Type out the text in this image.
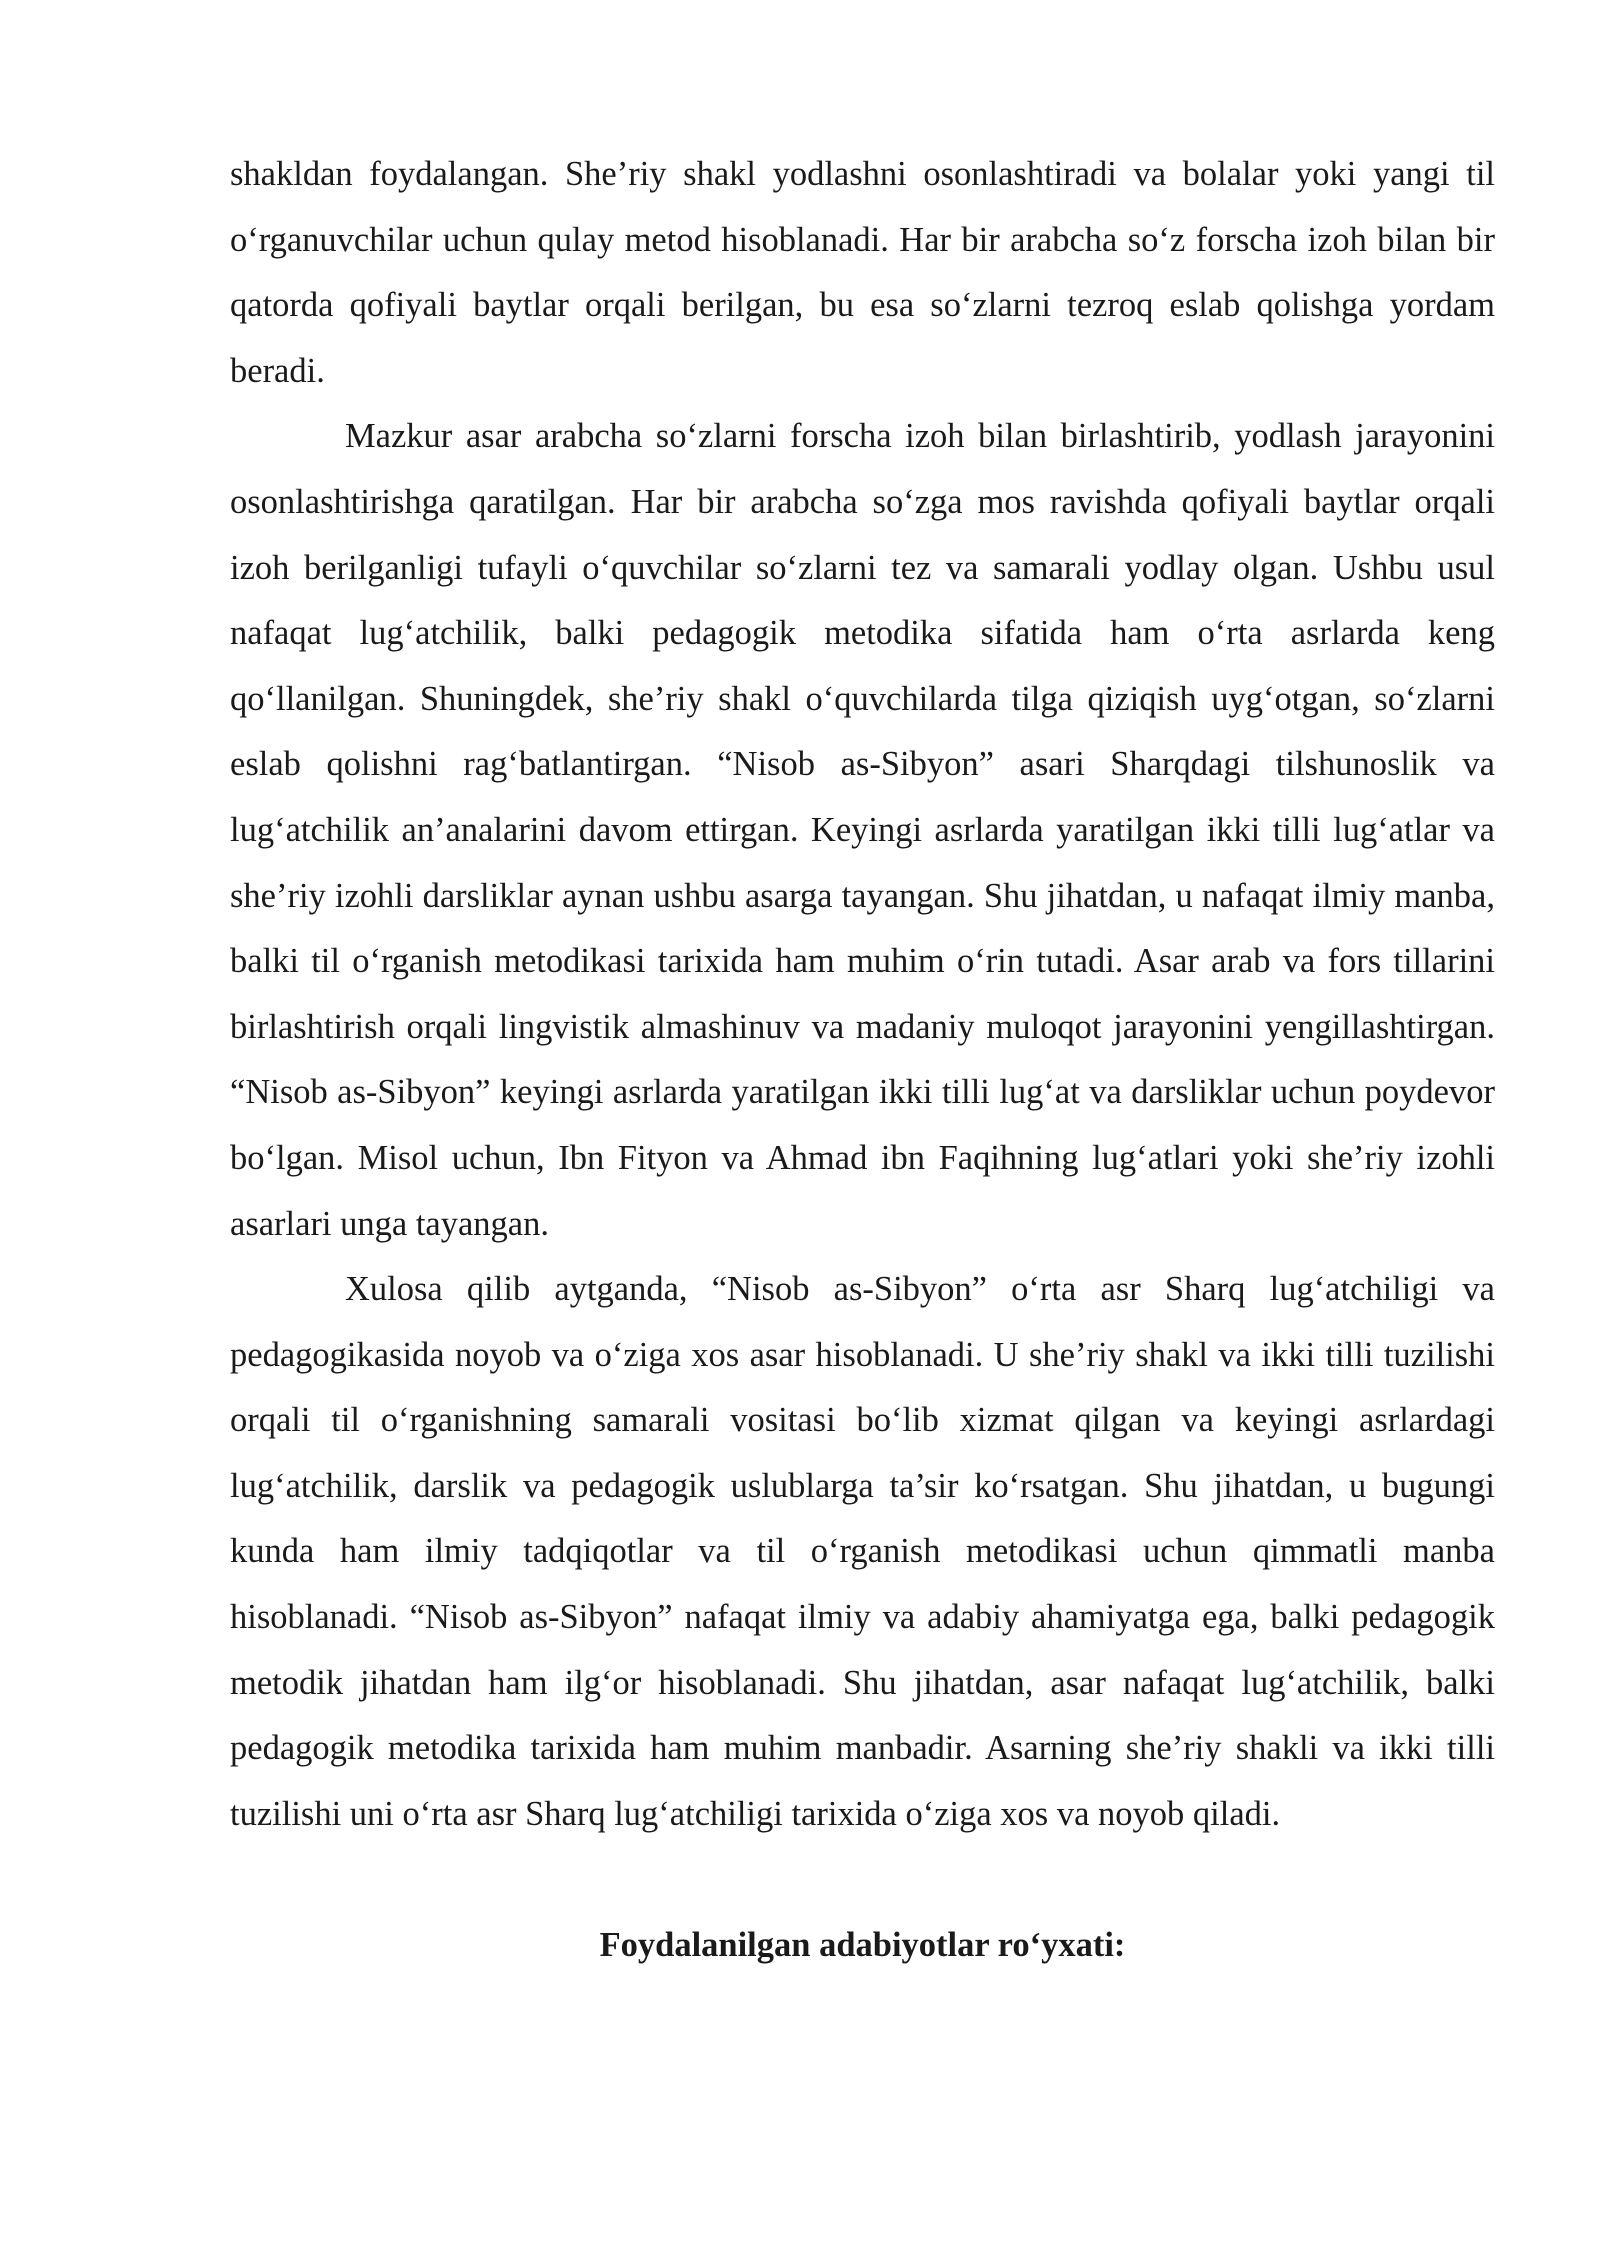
shakldan foydalangan. She’riy shakl yodlashni osonlashtiradi va bolalar yoki yangi til o‘rganuvchilar uchun qulay metod hisoblanadi. Har bir arabcha so‘z forscha izoh bilan bir qatorda qofiyali baytlar orqali berilgan, bu esa so‘zlarni tezroq eslab qolishga yordam beradi.

Mazkur asar arabcha so‘zlarni forscha izoh bilan birlashtirib, yodlash jarayonini osonlashtirishga qaratilgan. Har bir arabcha so‘zga mos ravishda qofiyali baytlar orqali izoh berilganligi tufayli o‘quvchilar so‘zlarni tez va samarali yodlay olgan. Ushbu usul nafaqat lug‘atchilik, balki pedagogik metodika sifatida ham o‘rta asrlarda keng qo‘llanilgan. Shuningdek, she’riy shakl o‘quvchilarda tilga qiziqish uyg‘otgan, so‘zlarni eslab qolishni rag‘batlantirgan. “Nisob as-Sibyon” asari Sharqdagi tilshunoslik va lug‘atchilik an’analarini davom ettirgan. Keyingi asrlarda yaratilgan ikki tilli lug‘atlar va she’riy izohli darsliklar aynan ushbu asarga tayangan. Shu jihatdan, u nafaqat ilmiy manba, balki til o‘rganish metodikasi tarixida ham muhim o‘rin tutadi. Asar arab va fors tillarini birlashtirish orqali lingvistik almashinuv va madaniy muloqot jarayonini yengillashtirgan. “Nisob as-Sibyon” keyingi asrlarda yaratilgan ikki tilli lug‘at va darsliklar uchun poydevor bo‘lgan. Misol uchun, Ibn Fityon va Ahmad ibn Faqihning lug‘atlari yoki she’riy izohli asarlari unga tayangan.

Xulosa qilib aytganda, “Nisob as-Sibyon” o‘rta asr Sharq lug‘atchiligi va pedagogikasida noyob va o‘ziga xos asar hisoblanadi. U she’riy shakl va ikki tilli tuzilishi orqali til o‘rganishning samarali vositasi bo‘lib xizmat qilgan va keyingi asrlardagi lug‘atchilik, darslik va pedagogik uslublarga ta’sir ko‘rsatgan. Shu jihatdan, u bugungi kunda ham ilmiy tadqiqotlar va til o‘rganish metodikasi uchun qimmatli manba hisoblanadi. “Nisob as-Sibyon” nafaqat ilmiy va adabiy ahamiyatga ega, balki pedagogik metodik jihatdan ham ilg‘or hisoblanadi. Shu jihatdan, asar nafaqat lug‘atchilik, balki pedagogik metodika tarixida ham muhim manbadir. Asarning she’riy shakli va ikki tilli tuzilishi uni o‘rta asr Sharq lug‘atchiligi tarixida o‘ziga xos va noyob qiladi.

Foydalanilgan adabiyotlar ro‘yxati:
